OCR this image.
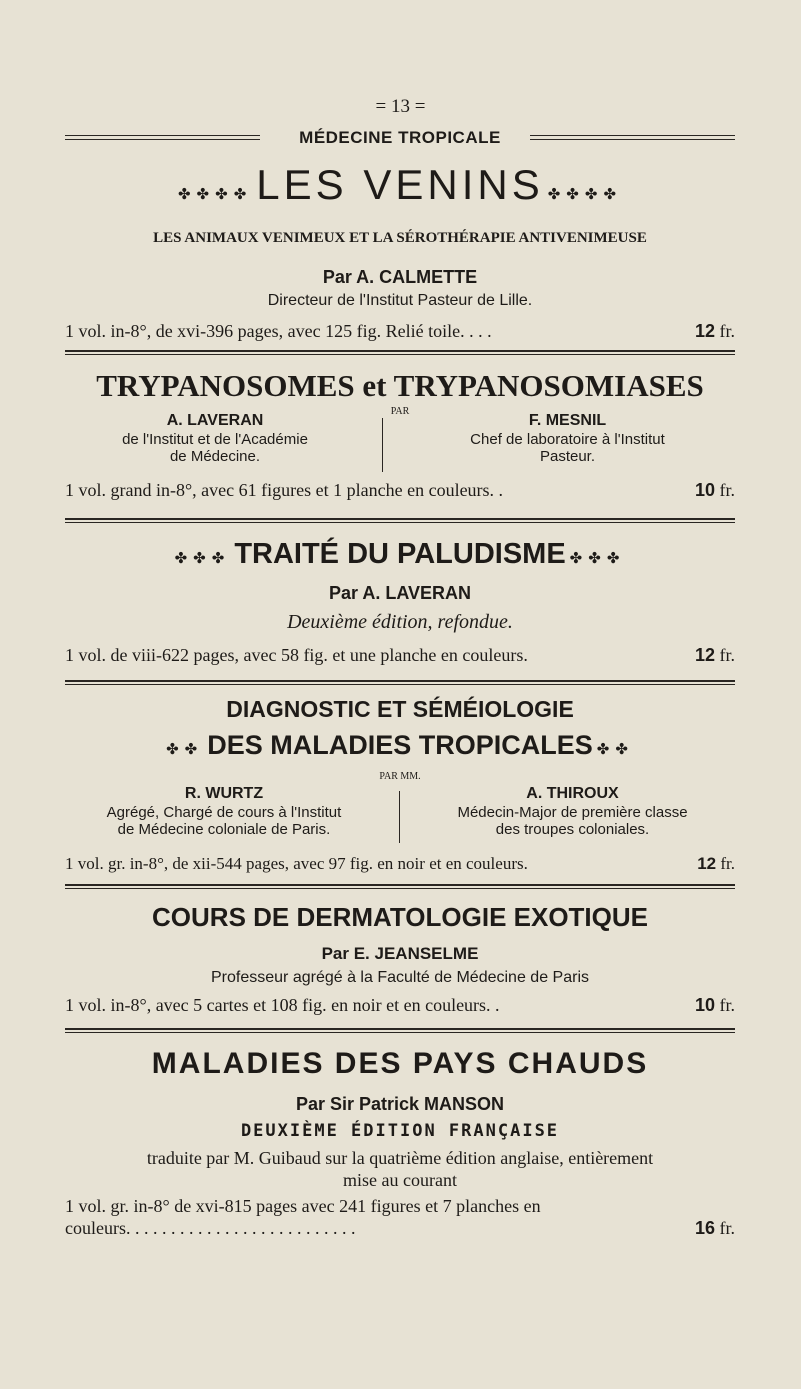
= 13 =
MÉDECINE TROPICALE
✤✤✤✤ LES VENINS ✤✤✤✤
LES ANIMAUX VENIMEUX ET LA SÉROTHÉRAPIE ANTIVENIMEUSE
Par A. CALMETTE
Directeur de l'Institut Pasteur de Lille.
1 vol. in-8°, de xvi-396 pages, avec 125 fig. Relié toile. . . .	12 fr.
TRYPANOSOMES et TRYPANOSOMIASES
PAR
A. LAVERAN
de l'Institut et de l'Académie
de Médecine.
F. MESNIL
Chef de laboratoire à l'Institut
Pasteur.
1 vol. grand in-8°, avec 61 figures et 1 planche en couleurs. .	10 fr.
✤✤✤ TRAITÉ DU PALUDISME ✤✤✤
Par A. LAVERAN
Deuxième édition, refondue.
1 vol. de viii-622 pages, avec 58 fig. et une planche en couleurs.	12 fr.
DIAGNOSTIC ET SÉMÉIOLOGIE
✤✤ DES MALADIES TROPICALES ✤✤
PAR MM.
R. WURTZ
Agrégé, Chargé de cours à l'Institut
de Médecine coloniale de Paris.
A. THIROUX
Médecin-Major de première classe
des troupes coloniales.
1 vol. gr. in-8°, de xii-544 pages, avec 97 fig. en noir et en couleurs.	12 fr.
COURS DE DERMATOLOGIE EXOTIQUE
Par E. JEANSELME
Professeur agrégé à la Faculté de Médecine de Paris
1 vol. in-8°, avec 5 cartes et 108 fig. en noir et en couleurs. .	10 fr.
MALADIES DES PAYS CHAUDS
Par Sir Patrick MANSON
DEUXIÈME ÉDITION FRANÇAISE
traduite par M. Guibaud sur la quatrième édition anglaise, entièrement
mise au courant
1 vol. gr. in-8° de xvi-815 pages avec 241 figures et 7 planches en
couleurs. . . . . . . . . . . . . . . . . . . . . . . . . .	16 fr.
